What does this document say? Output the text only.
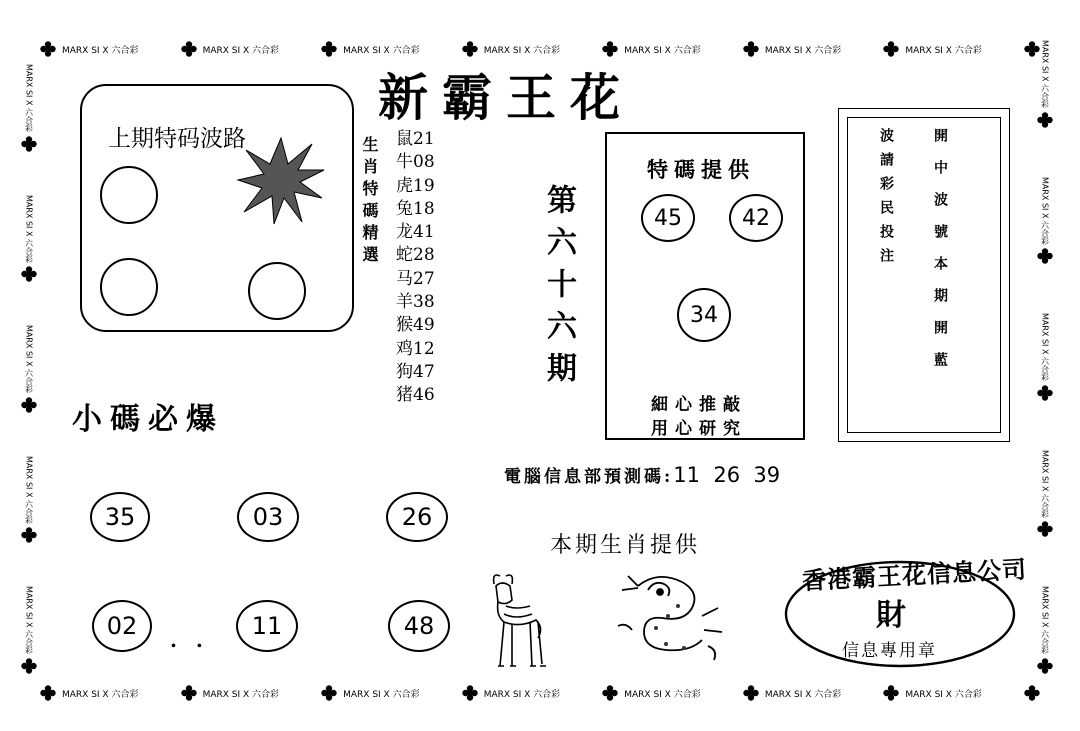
MARX SI X 六合彩	MARX SI X 六合彩	MARX SI X 六合彩	MARX SI X 六合彩	MARX SI X 六合彩	MARX SI X 六合彩	MARX SI X 六合彩
MARX SI X 六合彩	MARX SI X 六合彩	MARX SI X 六合彩	MARX SI X 六合彩	MARX SI X 六合彩	MARX SI X 六合彩	MARX SI X 六合彩
MARX SI X 六合彩
MARX SI X 六合彩
MARX SI X 六合彩
MARX SI X 六合彩
MARX SI X 六合彩
MARX SI X 六合彩
MARX SI X 六合彩
MARX SI X 六合彩
MARX SI X 六合彩
MARX SI X 六合彩
新霸王花
上期特码波路	生肖特碼精選 鼠21
牛08
虎19
兔18
龙41
蛇28
马27
羊38
猴49
鸡12
狗47
猪46
第六十六期
特碼提供
45	42
34
細心推敲
用心研究
開中波號本期開藍
波請彩民投注
小碼必爆
35	03	26
02	11	48
. .
電腦信息部預測碼:11  26  39
本期生肖提供
香港霸王花信息公司
財
信息專用章
